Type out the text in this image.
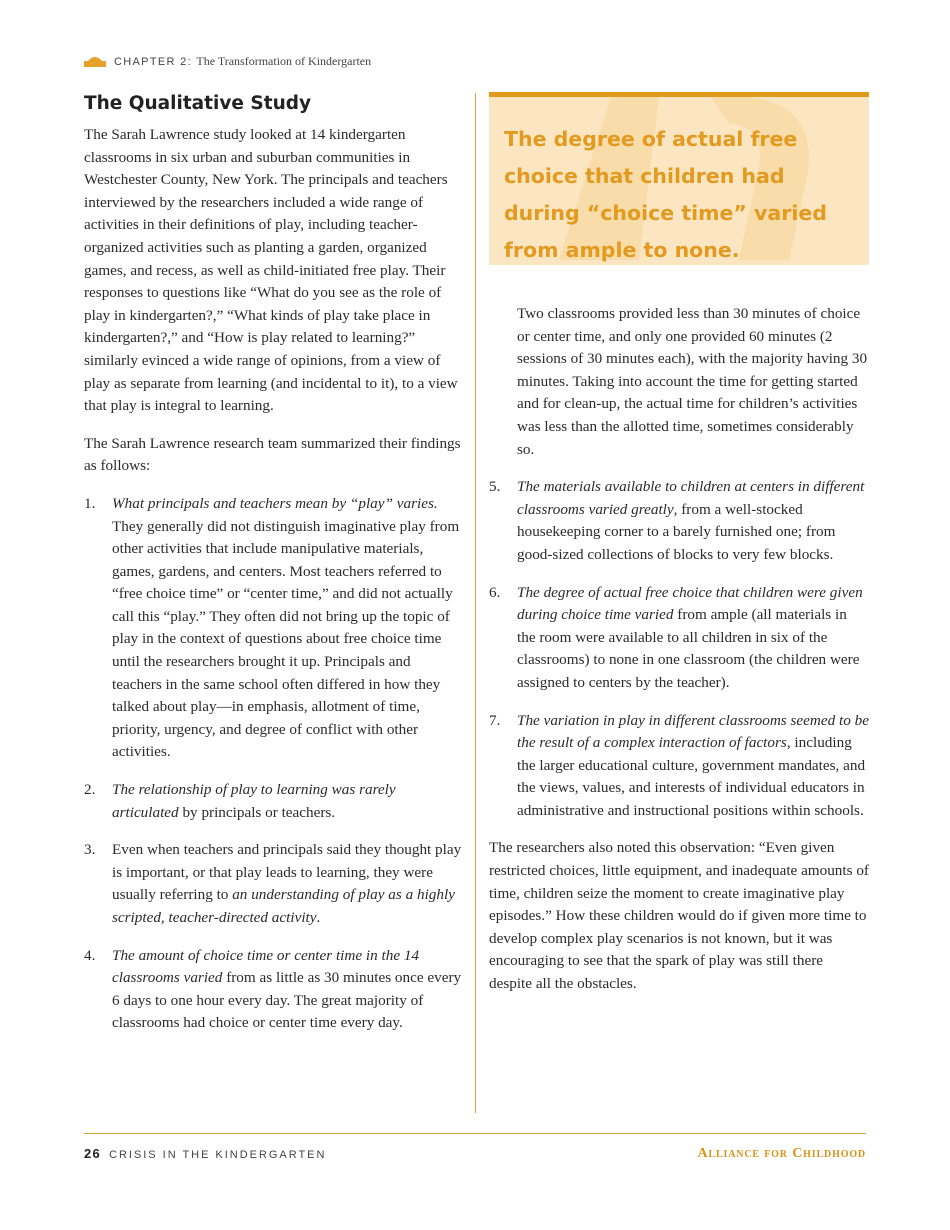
CHAPTER 2: The Transformation of Kindergarten
The Qualitative Study

The Sarah Lawrence study looked at 14 kindergarten classrooms in six urban and suburban communities in Westchester County, New York. The principals and teachers interviewed by the researchers included a wide range of activities in their definitions of play, including teacher-organized activities such as planting a garden, organized games, and recess, as well as child-initiated free play. Their responses to questions like “What do you see as the role of play in kindergarten?,” “What kinds of play take place in kindergarten?,” and “How is play related to learning?” similarly evinced a wide range of opinions, from a view of play as separate from learning (and incidental to it), to a view that play is integral to learning.

The Sarah Lawrence research team summarized their findings as follows:

1. What principals and teachers mean by “play” varies. They generally did not distinguish imaginative play from other activities that include manipulative materials, games, gardens, and centers. Most teachers referred to “free choice time” or “center time,” and did not actually call this “play.” They often did not bring up the topic of play in the context of questions about free choice time until the researchers brought it up. Principals and teachers in the same school often differed in how they talked about play—in emphasis, allotment of time, priority, urgency, and degree of conflict with other activities.
2. The relationship of play to learning was rarely articulated by principals or teachers.
3. Even when teachers and principals said they thought play is important, or that play leads to learning, they were usually referring to an understanding of play as a highly scripted, teacher-directed activity.
4. The amount of choice time or center time in the 14 classrooms varied from as little as 30 minutes once every 6 days to one hour every day. The great majority of classrooms had choice or center time every day.
The degree of actual free choice that children had during “choice time” varied from ample to none.

Two classrooms provided less than 30 minutes of choice or center time, and only one provided 60 minutes (2 sessions of 30 minutes each), with the majority having 30 minutes. Taking into account the time for getting started and for clean-up, the actual time for children’s activities was less than the allotted time, sometimes considerably so.

5. The materials available to children at centers in different classrooms varied greatly, from a well-stocked housekeeping corner to a barely furnished one; from good-sized collections of blocks to very few blocks.
6. The degree of actual free choice that children were given during choice time varied from ample (all materials in the room were available to all children in six of the classrooms) to none in one classroom (the children were assigned to centers by the teacher).
7. The variation in play in different classrooms seemed to be the result of a complex interaction of factors, including the larger educational culture, government mandates, and the views, values, and interests of individual educators in administrative and instructional positions within schools.

The researchers also noted this observation: “Even given restricted choices, little equipment, and inadequate amounts of time, children seize the moment to create imaginative play episodes.” How these children would do if given more time to develop complex play scenarios is not known, but it was encouraging to see that the spark of play was still there despite all the obstacles.

26 CRISIS IN THE KINDERGARTEN	Alliance for Childhood
